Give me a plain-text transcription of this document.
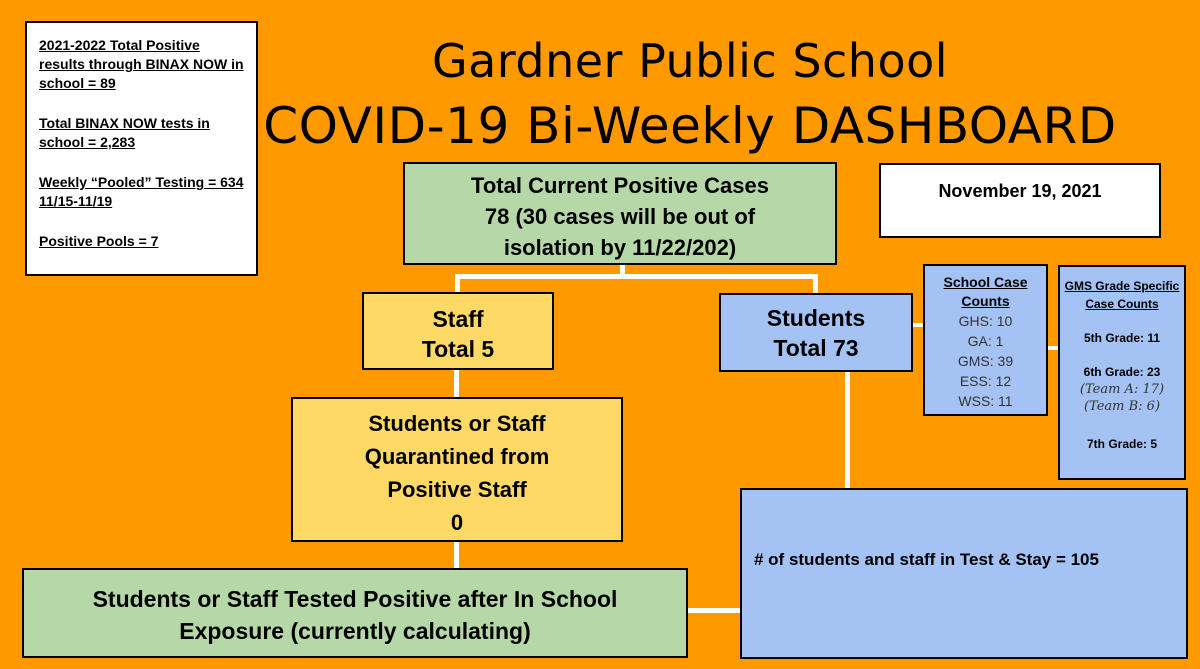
Gardner Public School
COVID-19 Bi-Weekly DASHBOARD

2021-2022 Total Positive results through BINAX NOW in school = 89

Total BINAX NOW tests in school = 2,283

Weekly “Pooled” Testing = 634 11/15-11/19

Positive Pools = 7

November 19, 2021
Total Current Positive Cases
78 (30 cases will be out of
isolation by 11/22/202)
Staff
Total 5
Students
Total 73
School Case Counts
GHS: 10
GA: 1
GMS: 39
ESS: 12
WSS: 11
GMS Grade Specific Case Counts
5th Grade: 11
6th Grade: 23
(Team A: 17)
(Team B: 6)
7th Grade: 5
Students or Staff
Quarantined from
Positive Staff
0
# of students and staff in Test & Stay = 105
Students or Staff Tested Positive after In School
Exposure (currently calculating)
